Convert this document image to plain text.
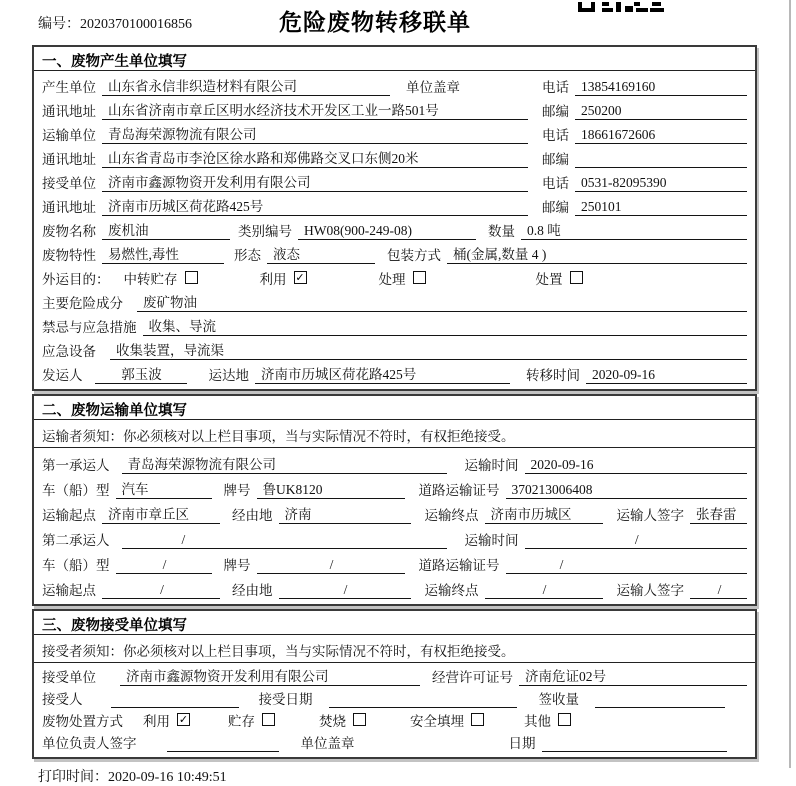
编号：2020370100016856	危险废物转移联单
一、废物产生单位填写
产生单位 山东省永信非织造材料有限公司	单位盖章	电话 13854169160
通讯地址 山东省济南市章丘区明水经济技术开发区工业一路501号	邮编 250200
运输单位 青岛海荣源物流有限公司	电话 18661672606
通讯地址 山东省青岛市李沧区徐水路和郑佛路交叉口东侧20米	邮编
接受单位 济南市鑫源物资开发利用有限公司	电话 0531-82095390
通讯地址 济南市历城区荷花路425号	邮编 250101
废物名称 废机油	类别编号 HW08(900-249-08)	数量 0.8 吨
废物特性 易燃性,毒性	形态 液态	包装方式 桶(金属,数量 4 )
外运目的：	中转贮存	利用 ✓	处理	处置
主要危险成分	废矿物油
禁忌与应急措施 收集、导流
应急设备	收集装置，导流渠
发运人	郭玉波	运达地 济南市历城区荷花路425号	转移时间 2020-09-16
二、废物运输单位填写
运输者须知：你必须核对以上栏目事项，当与实际情况不符时，有权拒绝接受。
第一承运人	青岛海荣源物流有限公司	运输时间 2020-09-16
车（船）型 汽车	牌号 鲁UK8120	道路运输证号 370213006408
运输起点 济南市章丘区	经由地 济南	运输终点 济南市历城区	运输人签字 张春雷
第二承运人	/	运输时间	/
车（船）型	/	牌号	/	道路运输证号	/
运输起点	/	经由地	/	运输终点	/	运输人签字	/
三、废物接受单位填写
接受者须知：你必须核对以上栏目事项，当与实际情况不符时，有权拒绝接受。
接受单位	济南市鑫源物资开发利用有限公司	经营许可证号 济南危证02号
接受人	接受日期	签收量
废物处置方式	利用 ✓	贮存	焚烧	安全填埋	其他
单位负责人签字	单位盖章	日期
打印时间：2020-09-16 10:49:51
